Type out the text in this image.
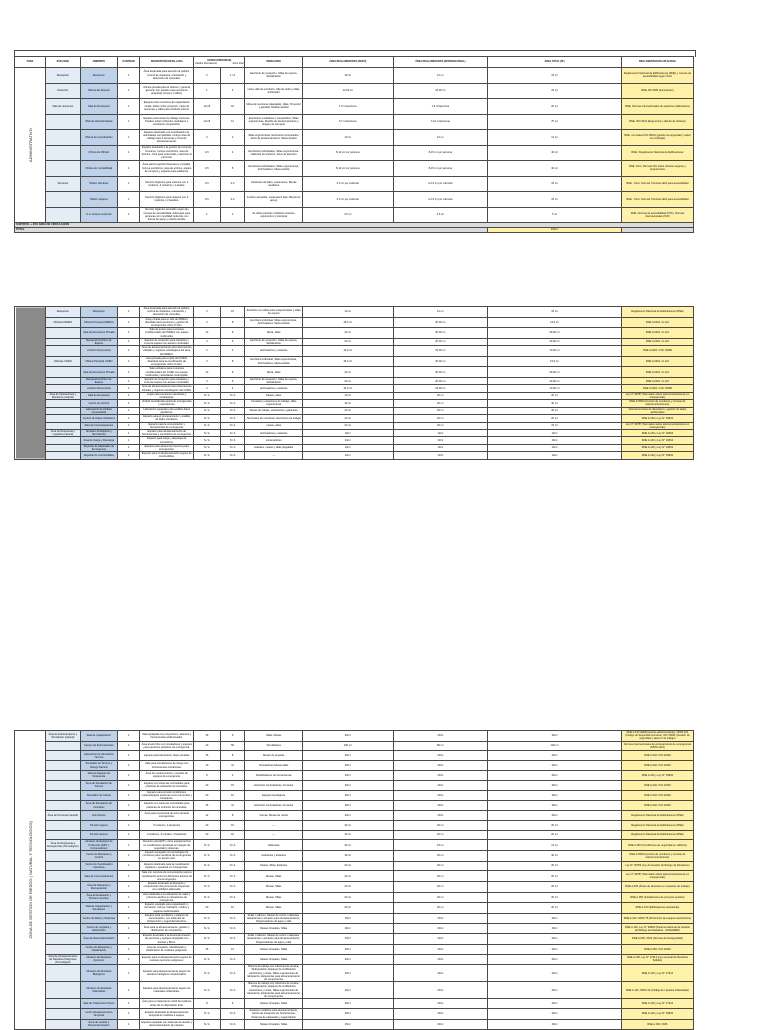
ZONA	SUB ZONA	AMBIENTE	CANTIDAD	DESCRIPCIÓN DETALLADA	AFORO (PERSONAS)
Usuario Permanente Aforo total		MOBILIARIO	ÁREA REGLAMENTARIA (PERÚ)	ÁREA REGLAMENTARIA (INTERNACIONAL)	ÁREA TOTAL (M²)	REGLAMENTACION APLICABLE
ADMINISTRATIVO	Recepcion	Recepcion	1	Área destinada para atención al público, control de visitantes, orientación y derivación de consultas.	2	1 / 6	Escritorio de recepción, Sillas de espera, Señalización	15 m²	12 m²	15 m²	Reglamento Nacional de Edificaciones (RNE) y normas de accesibilidad según OGA
	Dirección	Oficina del Director	1	Oficina privada para el director y gerente general, con espacio para reuniones pequeñas (mesa y 4 sillas).	1	4	mesa, silla de escritorio, silla de visita y sillas, archivador	12.00 m²	15.00 m²	15 m²	RNE, DS 0065 (iluminación)
	Sala de reuniones	Sala de Reuniones	1	Espacio para reuniones de capacitación media. Debe incluir proyector, mesa de reuniones y sillas para al efecto interno.	12-15	16	Mesa de reuniones (alargada), sillas, Proyector y pantalla, Mueble auxiliar	1.5 m²/persona	1.8 m²/persona	20 m²	RNE, Normas internacionales de espacios colaborativos
		Oficinas Administrativas	1	Espacio para áreas de trabajo comunes. Pueden incluir cubículos modulares o escritorios compartidos.	10-15	12	Escritorios modulares o compartidos, Sillas ergonómicas, Mueble de almacenamiento y Equipo de cómputo	5-7 m²/persona	7-10 m²/persona	70 m²	RNE, ISO 9241 (Ergonomía y diseño de oficinas)
		Oficina de Coordinación	1	Espacio destinado a la coordinación de actividades compartidas. Incluye área de trabajo para 2 personas y zona de almacenamiento.	2	2	Sillas ergonómicas, Escritorios compartidos, Zona de almacenamiento, Mesa auxiliar	10 m²	12 m²	12 m²	RNE, normativa ISO 45001 (gestión de seguridad y salud en el trabajo)
		Oficina de RR.HH	1	Espacio destinado a la gestión de recursos humanos. Incluye escritorios, área de archivo, zona para entrevistas y atención al personal.	4-5	4	Escritorios individuales, Sillas ergonómicas, Gabinete de archivos, Zona de atención	8-12 m² por persona	8-15 m² por persona	40 m²	RNE / Reglamento Nacional de Edificaciones
		Oficina de Contabilidad	1	Área para la gestión financiera y contable. Incluye escritorios, área de archivo, equipo de cómputo y espacio para auditorías.	3-5	5	Escritorios individuales, Sillas ergonómicas, Archivadores, Mesa auxiliar	8-12 m² por persona	8-15 m² por persona	30 m²	RNE, Perú, Normas ISO sobre oficinas seguras y ergonómicas
	Servicios	SSHH. Hombres	1	Servicio higiénico para varones con 2 inodoros, 2 urinarios y 1 lavabo.	3-5	2-3	Cubículos de baño, Lavamanos, Barras auxiliares	2.5 m² por cubículo	2-2.5 m² por cubículo	15 m²	RNE - Perú, Normas Técnicas ADA para accesibilidad
		SSHH. Mujeres	1	Servicio higiénico para mujeres con 3 inodoros y 2 lavabos.	3-5	2-3	Inodoro accesible, Lavamanos bajo, Barras de apoyo	2.5 m² por cubículo	2-2.5 m² por cubículo	15 m²	RNE - Perú, Normas Técnicas ADA para accesibilidad
		S.H. acceso universal	1	Servicio higiénico accesible según las normas de accesibilidad. Adecuado para personas con movilidad reducida, con barras de apoyo y puerta amplia.	1	1	Se debe priorizar mobiliario inclusivo, ergonómico y funcional	4.5 m²	4.5 m²	5 m²	RNE, Normas de accesibilidad (NTC), Normas internacionales (ISO)
SUBTOTAL + 30% ÁREA DE CIRCULACIÓN											
TOTAL										333m²	
	Recepcion	Recepcion	1	Área destinada para atención al público, control de visitantes, orientación y derivación de consultas.	2	15	Escritorio con sillas para recepcionistas y sillas de espera	10 m²	12 m²	15 m²	Reglamento Nacional de Edificaciones (RNE)
	Oficinas INDECI	Oficina Principal (INDECI)	1	Área privada para el Jefe de INDECI, diseñada para reuniones y gestión de emergencias. Aforo 5-10m.	3	8	Escritorio individual, Sillas ergonómicas, Archivadores, Mesa auxiliar	15.0 m²	20.00 m²	15.0 m²	RNE A.0401 / A.121
		Sala de Reuniones Privada	1	Sala de juntas para reuniones confidenciales del INDECI con equipo multimedia.	12	8	Mesa, sillas	20 m²	30.00 m²	30.00 m²	RNE A.0401 / A.121
		Recepción/Archivo de Espera	1	Espacio de recepción para visitantes y zona de espera con acceso controlado.	3	6	Escritorio de recepción, Sillas de espera, Señalización	20 m²	20.00 m²	20.00 m²	RNE A.0401 / A.121
		Archivo Documental	1	Área de almacenamiento para documentos oficiales y registros estratégicos del área del INDECI.	2	4	archivadores y estantes	10.0 m²	15.00 m²	10.00 m²	RNE A.0401 / ISO 15489
	Oficinas COEN	Oficina Principal COEN	1	Área privada para el jefe del COEN, diseñada para la coordinación de emergencias. Aforo 5-10m.	3	8	Escritorio individual, Sillas ergonómicas, Archivadores, Mesa auxiliar	15.0 m²	20.00 m²	15.0 m²	RNE A.0401 / A.121
		Sala de Reuniones Privada	1	Sala exclusiva para reuniones confidenciales del COEN con equipo multimedia y actividades restringidas.	12	8	Mesa, sillas	20 m²	30.00 m²	30.00 m²	RNE A.0401 / A.121
		Recepción/Archivo de Espera	1	Espacio de recepción para visitantes y zona de espera con acceso controlado.	3	6	Escritorio de recepción, Sillas de espera, Señalización	20 m²	20.00 m²	20.00 m²	RNE A.0401 / A.121
		Archivo Documental	1	Área de almacenamiento para documentos oficiales y registros estratégicos del COEN.	2	4	archivadores y estantes	10.0 m²	15.00 m²	10.00 m²	RNE A.0401 / ISO 15489
	Área de Operaciones y Monitoreo (natural)	Sala de Reuniones	1	Lugar para reuniones operativas y estratégicas.	N / A	N / A	Mesas, sillas	10 m²	20 m²	20 m²	Ley N° 30787 (Normativa sobre telecomunicaciones en emergencias)
		Centro de Control	1	Unidad centralizada gestionar emergencias y operaciones.	N / A	N / A	Consolas y estaciones de trabajo, sillas ergonómicas	30 m²	30 m²	40 m²	RNE A.0503 (Centros de monitoreo y normas de telecomunicaciones)
		Laboratorio de Análisis Geoespacial	1	Laboratorio equipado para análisis datos geofísicos.	N / A	N / A	Mesas de trabajo, estanterías y gabinetes	20 m²	30 m²	30 m²	Normas técnicas de laboratorio y gestión de datos ambientales
		Control de Datos Climáticos	1	Espacio para el procesamiento y análisis de datos climáticos.	N / A	N / A	Terminales de monitoreo, Escritorios de trabajo	20 m²	20 m²	20 m²	RNE A.100 y Ley N° 29664
		Sala de Comunicaciones	1	Espacio para la comunicación y herramientas de emergencia.	N / A	N / A	mesas, sillas	20 m²	20 m²	15 m²	Ley N° 30787 (Normativa sobre telecomunicaciones en emergencias)
	Área de Respuesta y Logística (natural)	Almacén de Equipos y Suministros	1	Espacio para almacenamiento de herramientas y suministros de emergencia.	N / A	N / A	archivadores y estantes	10m²	10m²	10m²	RNE A.100 y Ley N° 29664
		Área de Carga y Descarga	1	Espacio para carga y descarga de suministros.	N / A	N / A	contenedores	10m²	10m²	10m²	RNE A.100 y Ley N° 29664
		Depósito de Materiales de Emergencia	1	Espacio para almacenar insumos para emergencias.	N / A	N / A	estantes, mesas y sillas plegables	10m²	10m²	10m²	RNE A.130 y Ley N° 29664
		Depósito de Combustibles	1	Espacio para el almacenamiento seguro de combustibles.	N / A	N / A	---	10m²	10m²	10m²	RNE A.130 y Ley N° 29664
ZONA DE GESTION DE RIESGO ( NATURAL Y TECNOLÓGICO)	Área de Entrenamiento y Simulación (natural)	Sala de Capacitación	1	Sala equipada con proyectores, asientos y herramientas audiovisuales.	15	6	Sillas, Mesas	30m²	20m²	30m²	RNE A.100 (Edificaciones administrativas), NFPA 101 (Código de Seguridad Humana), ISO 45001 (Gestión de seguridad y salud en el trabajo)
		Campo de Entrenamiento	1	Área al aire libre con simuladores y equipos para ejercicios prácticos de emergencia.	10	50	Simuladores	100 m²	80 m²	120 m²	Normas internacionales de entrenamiento de emergencias (NFPA 1401)
		Laboratorio de Simulación Técnica	1	espacio para laboratorio, fases pruebas	15	8	Mesas de pruebas	20m²	20m²	20m²	RNE A.040, ISO 22320
		Simulador de Terreno y Riesgo Natural	1	Sala para simulaciones de riesgo con herramientas interactivas.	10	11	Simuladores,Mesas,sillas	20m²	20m²	20m²	RNE A.040, ISO 22320
		Sala de Equipos de Respuesta	1	Área de mantenimiento y revisión de equipos de emergencia.	8	4	Clasificadores de herramientas	15m²	20m²	20m²	RNE A.100 y Ley N° 29664
		Área de Simulación de Sismos	1	Espacio con sistemas controlados para prácticas de activación de incendios.	20	15	Escritorio controladores, Armarios	30m²	20m²	30m²	RNE A.040, ISO 22320
		Simulador de Climas	1	Espacio para simular condiciones meteorológicas extremas como tormentas y huracanes.	20	10	Equipos Geológicos	30m²	20m²	30m²	RNE A.040, ISO 22320
		Área de Simulación de Incendios	1	Espacio con sistemas controlados para prácticas de extinción de incendios.	15	11	Escritorio controladores, Armarios	30m²	20m²	30m²	RNE A.040, ISO 22320
	Área de Personal (natural)	Dormitorios	1	Área para el personal de turno durante emergencias.	12	8	Camas, Mesas de noche	20m²	20m²	20m²	Reglamento Nacional de Edificaciones (RNE)
		SS.HH mujeres	1	5 inodoros, 3 lavatorios	20	10	---	30 m²	20 m²	20 m²	Reglamento Nacional de Edificaciones (RNE)
		SS.HH varones	1	3 inodoros, 3 urinales, 3 lavatorios	20	10	---	30 m²	20 m²	20 m²	Reglamento Nacional de Edificaciones (RNE)
	Área de Respuesta a Emergencias (Tecnológico)	Almacén de Equipos de Protección (EPP y Contenedores)	1	Almacén para EPP y otros equipamientos en condiciones operativas sin riesgos de seguridad y sistemas.	N / A	N / A	Gabinetes	30 m²	15 m²	12 m²	RNE A.060 (Condiciones de seguridad en edificios)
		Centro de Monitoreo y Control	1	Espacio equipado con tecnologías de monitoreo para coordinar las emergencias en tiempo real.	N / A	N / A	Gabinetes y Estantes	30 m²	30 m²	40 m²	RNE A.0503 (Centros de monitoreo y normas de telecomunicaciones)
		Centro de Coordinación Operativa	1	Espacio destinado para la coordinación logística y operativa en emergencias.	N / A	N / A	Mesas, Sillas, Estantes	20 m²	20 m²	20 m²	Ley N° 29783 (Ley de Gestión de Riesgo de Desastres)
		Sala de Comunicaciones	1	Sala con recursos de comunicación para la coordinación entre los diferentes actores de una emergencia.	N / A	N / A	Mesas, Sillas	20 m²	20 m²	20 m²	Ley N° 30787 (Normativa sobre telecomunicaciones en emergencias)
		Área de Descanso y Recuperación	1	Espacio destinado al descanso y recuperación del personal de respuesta, con mobiliario adecuado.	N / A	N / A	Mesas, Sillas	20 m²	20 m²	20 m²	RNE A.030 (Áreas de descanso en espacios de trabajo)
		Área de Evaluación y Primeros Auxilios	1	Área dedicada a la evaluación de salud y primeros auxilios en situaciones de emergencia.	N / A	N / A	Mesas, Sillas	20 m²	20 m²	20 m²	RNE A.050 (Instalaciones de primeros auxilios)
		Sala de Capacitación y Simulación	1	Espacio equipado para capacitación y formación, incluye mobiliario, medios y equipos audiovisuales.	20	10	Mesas, Sillas	20 m²	20 m²	20 m²	RNE A.100 (Edificaciones educativas)
		Centro de Datos y Sistemas	1	Espacio para servidores y equipos de comunicación, con sistemas de refrigeración y seguridad eléctrica.	N / A	N / A	Sofás o sillones, Mesas de centro o laterales, Estanterías o armarios para almacenamiento, Dispensadores de agua y café	15m²	20m²	20m²	RNE A.010, NFPA 75 (Protección de equipos electrónicos)
		Centro de Logística y Distribución	1	Área para el almacenamiento, gestión y distribución de suministros.	N / A	N / A	Mesas Ocupales, Sillas	20m²	20m²	20m²	RNE A.100, Ley N° 29664 (Sistema Nacional de Gestión del Riesgo de Desastres - SINAGERD)
		Área de Descontaminación	1	Espacio destinado a la descontaminación de personas y equipos. Equipado con duchas y filtros.	N / A	N / A	Sofás o sillones, Mesas de centro o laterales, Estanterías o armarios para almacenamiento, Dispensadores de agua y café	15m²	20m²	20m²	RNE A.060, OMS (Normas de bioseguridad)
		Centro de Recepción y Clasificación	1	Área de recepción, identificación y clasificación de residuos peligrosos.	15	12	Mesas Ocupales, Sillas	20m²	20m²	20m²	RNE A.060, ISO 22320
	Área de Almacenamiento de Residuos Peligrosos (Tecnológico)	Almacén de Residuos Químicos	1	Espacio para el almacenamiento seguro de residuos químicos peligrosos.	N / A	N / A	Mesas Ocupales, Sillas	20m²	20m²	20m²	RNE A.130, Ley N° 27314 (Ley General de Residuos Sólidos)
		Almacén de Residuos Biológicos	1	Espacio para almacenamiento seguro de residuos biológicos contaminados.	N / A	N / A	Bancos de trabajo con cobertura de prueba, Refrigeración, Equipos de certificación electrónica y cintas, Sillas ergonómicas de laboratorio, Estanterías para almacenamiento de componentes	20m²	20m²	20m²	RNE A.130 y Ley N° 27314
		Almacén de Residuos Inflamables	1	Espacio para almacenamiento seguro de materiales inflamables.	N / A	N / A	Bancos de trabajo con cobertura de prueba, Refrigeración, Equipos de certificación electrónica y cintas, Sillas ergonómicas de laboratorio, Estanterías para almacenamiento de componentes	20m²	20m²	20m²	RNE A.130, NFPA 30 (Código de Líquidos Inflamables)
		Sala de Tratamiento Previo	1	Área para el tratamiento inicial de residuos antes de su disposición final.	8	6	Mesas Ocupales, Sillas	20m²	20m²	20m²	RNE A.130 y Ley N° 27314
		centro Almacenamiento Temporal	1	Espacio destinado al almacenamiento temporal de residuos a espera.	N / A	N / A	Estantes metálicos para almacenamiento, Carros de transporte de herramientas, Sistemas de etiquetado y organización	20m²	20m²	20m²	RNE A.130 y Ley N° 29664
		Zona de Lavado y Descontaminación	1	Espacio equipado con sistemas de lavado y descontaminación de equipos.	N / A	N / A	Mesas Ocupales, Sillas	15m²	20m²	20m²	RNE A.040, OMS
